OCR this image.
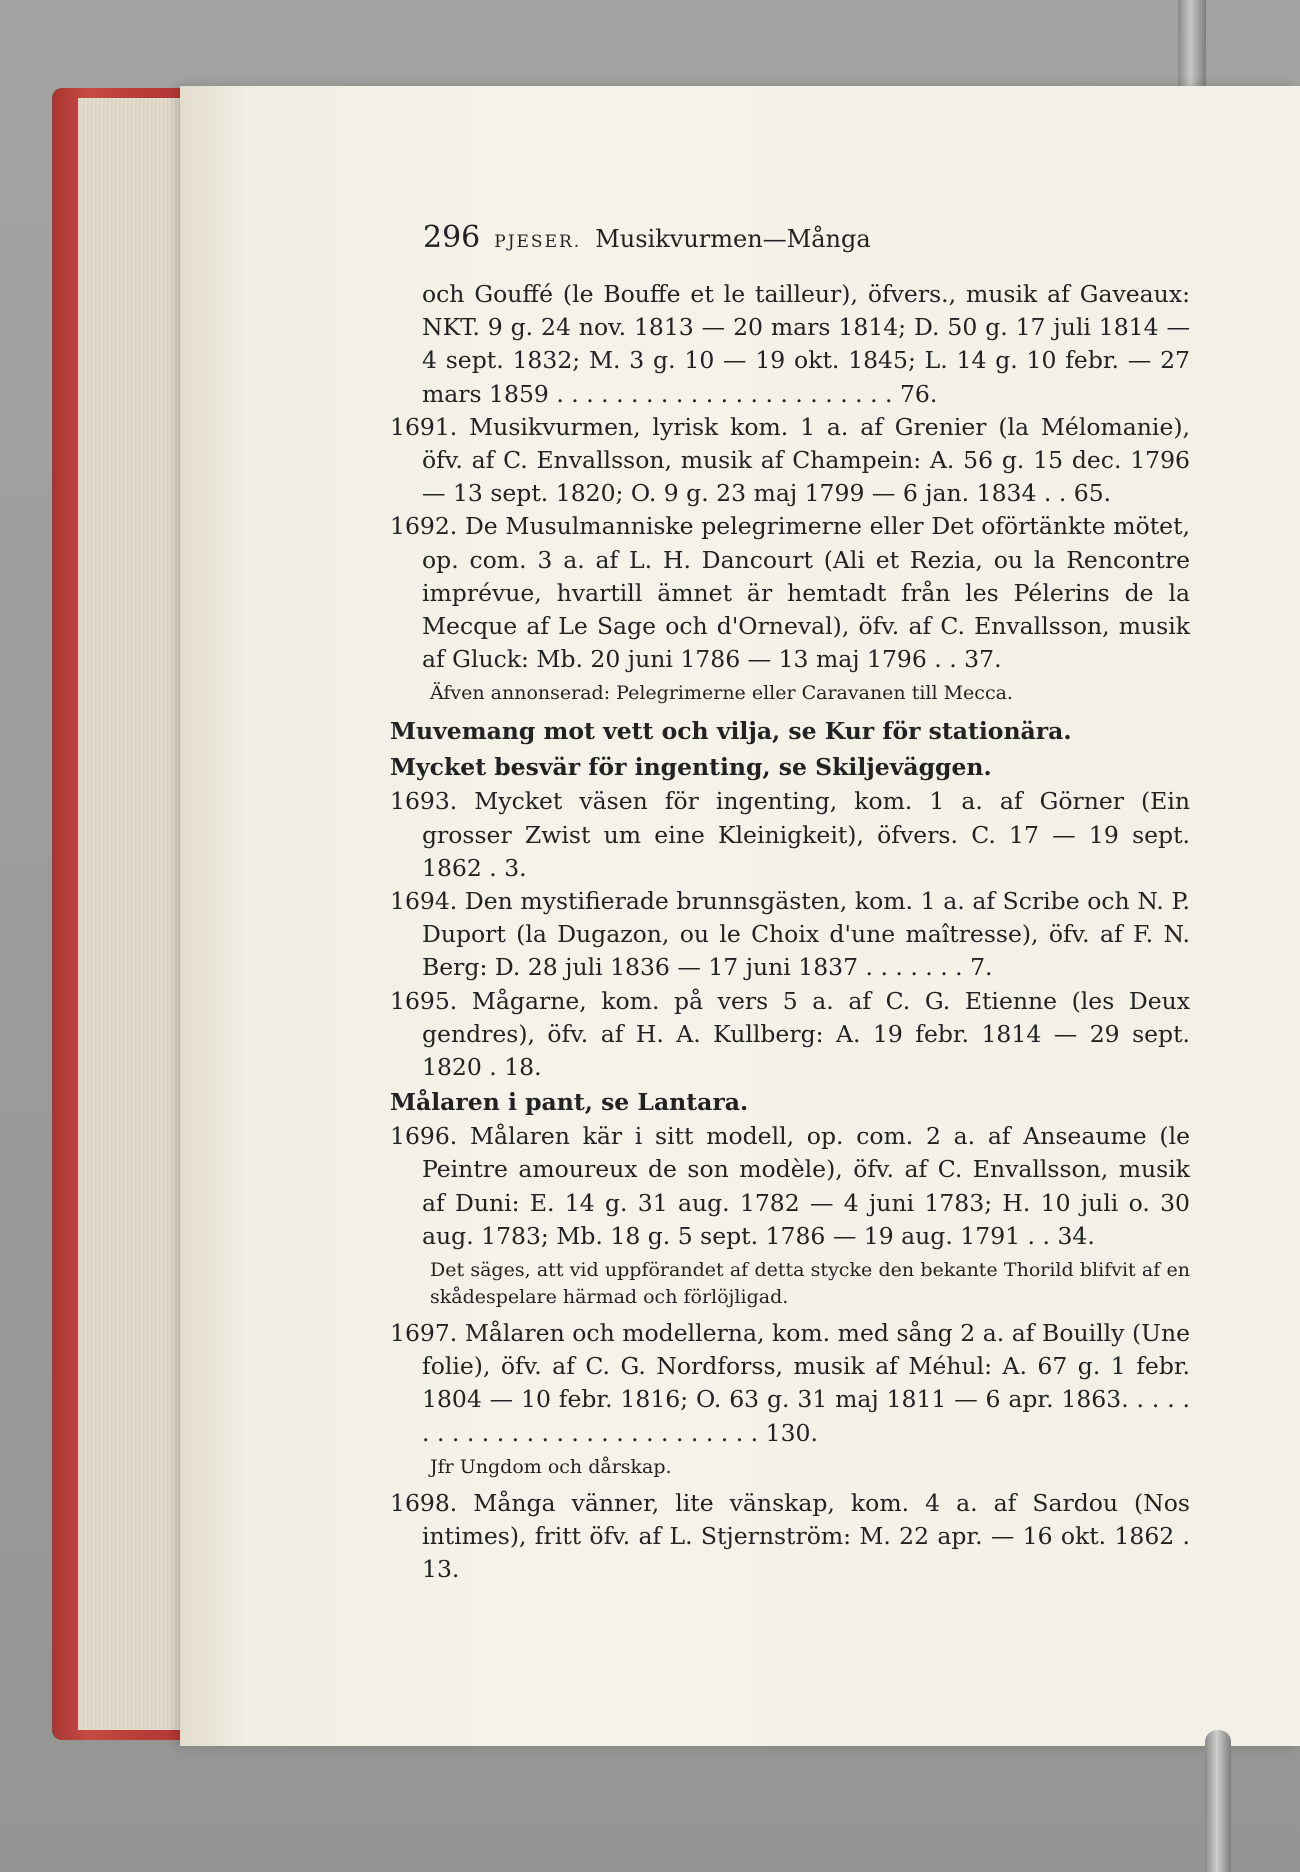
296 PJESER. Musikvurmen—Många
och Gouffé (le Bouffe et le tailleur), öfvers., musik af Gaveaux: NKT. 9 g. 24 nov. 1813 — 20 mars 1814; D. 50 g. 17 juli 1814 — 4 sept. 1832; M. 3 g. 10 — 19 okt. 1845; L. 14 g. 10 febr. — 27 mars 1859 . . . . . . . . . . . . . . . . . . . . . . . 76.
1691. Musikvurmen, lyrisk kom. 1 a. af Grenier (la Mélomanie), öfv. af C. Envallsson, musik af Champein: A. 56 g. 15 dec. 1796 — 13 sept. 1820; O. 9 g. 23 maj 1799 — 6 jan. 1834 . . 65.
1692. De Musulmanniske pelegrimerne eller Det oförtänkte mötet, op. com. 3 a. af L. H. Dancourt (Ali et Rezia, ou la Rencontre imprévue, hvartill ämnet är hemtadt från les Pélerins de la Mecque af Le Sage och d'Orneval), öfv. af C. Envallsson, musik af Gluck: Mb. 20 juni 1786 — 13 maj 1796 . . 37.
Äfven annonserad: Pelegrimerne eller Caravanen till Mecca.
Muvemang mot vett och vilja, se Kur för stationära.
Mycket besvär för ingenting, se Skiljeväggen.
1693. Mycket väsen för ingenting, kom. 1 a. af Görner (Ein grosser Zwist um eine Kleinigkeit), öfvers. C. 17 — 19 sept. 1862 . 3.
1694. Den mystifierade brunnsgästen, kom. 1 a. af Scribe och N. P. Duport (la Dugazon, ou le Choix d'une maîtresse), öfv. af F. N. Berg: D. 28 juli 1836 — 17 juni 1837 . . . . . . . 7.
1695. Mågarne, kom. på vers 5 a. af C. G. Etienne (les Deux gendres), öfv. af H. A. Kullberg: A. 19 febr. 1814 — 29 sept. 1820 . 18.
Målaren i pant, se Lantara.
1696. Målaren kär i sitt modell, op. com. 2 a. af Anseaume (le Peintre amoureux de son modèle), öfv. af C. Envallsson, musik af Duni: E. 14 g. 31 aug. 1782 — 4 juni 1783; H. 10 juli o. 30 aug. 1783; Mb. 18 g. 5 sept. 1786 — 19 aug. 1791 . . 34.
Det säges, att vid uppförandet af detta stycke den bekante Thorild blifvit af en skådespelare härmad och förlöjligad.
1697. Målaren och modellerna, kom. med sång 2 a. af Bouilly (Une folie), öfv. af C. G. Nordforss, musik af Méhul: A. 67 g. 1 febr. 1804 — 10 febr. 1816; O. 63 g. 31 maj 1811 — 6 apr. 1863. . . . . . . . . . . . . . . . . . . . . . . . . . . . 130.
Jfr Ungdom och dårskap.
1698. Många vänner, lite vänskap, kom. 4 a. af Sardou (Nos intimes), fritt öfv. af L. Stjernström: M. 22 apr. — 16 okt. 1862 . 13.
